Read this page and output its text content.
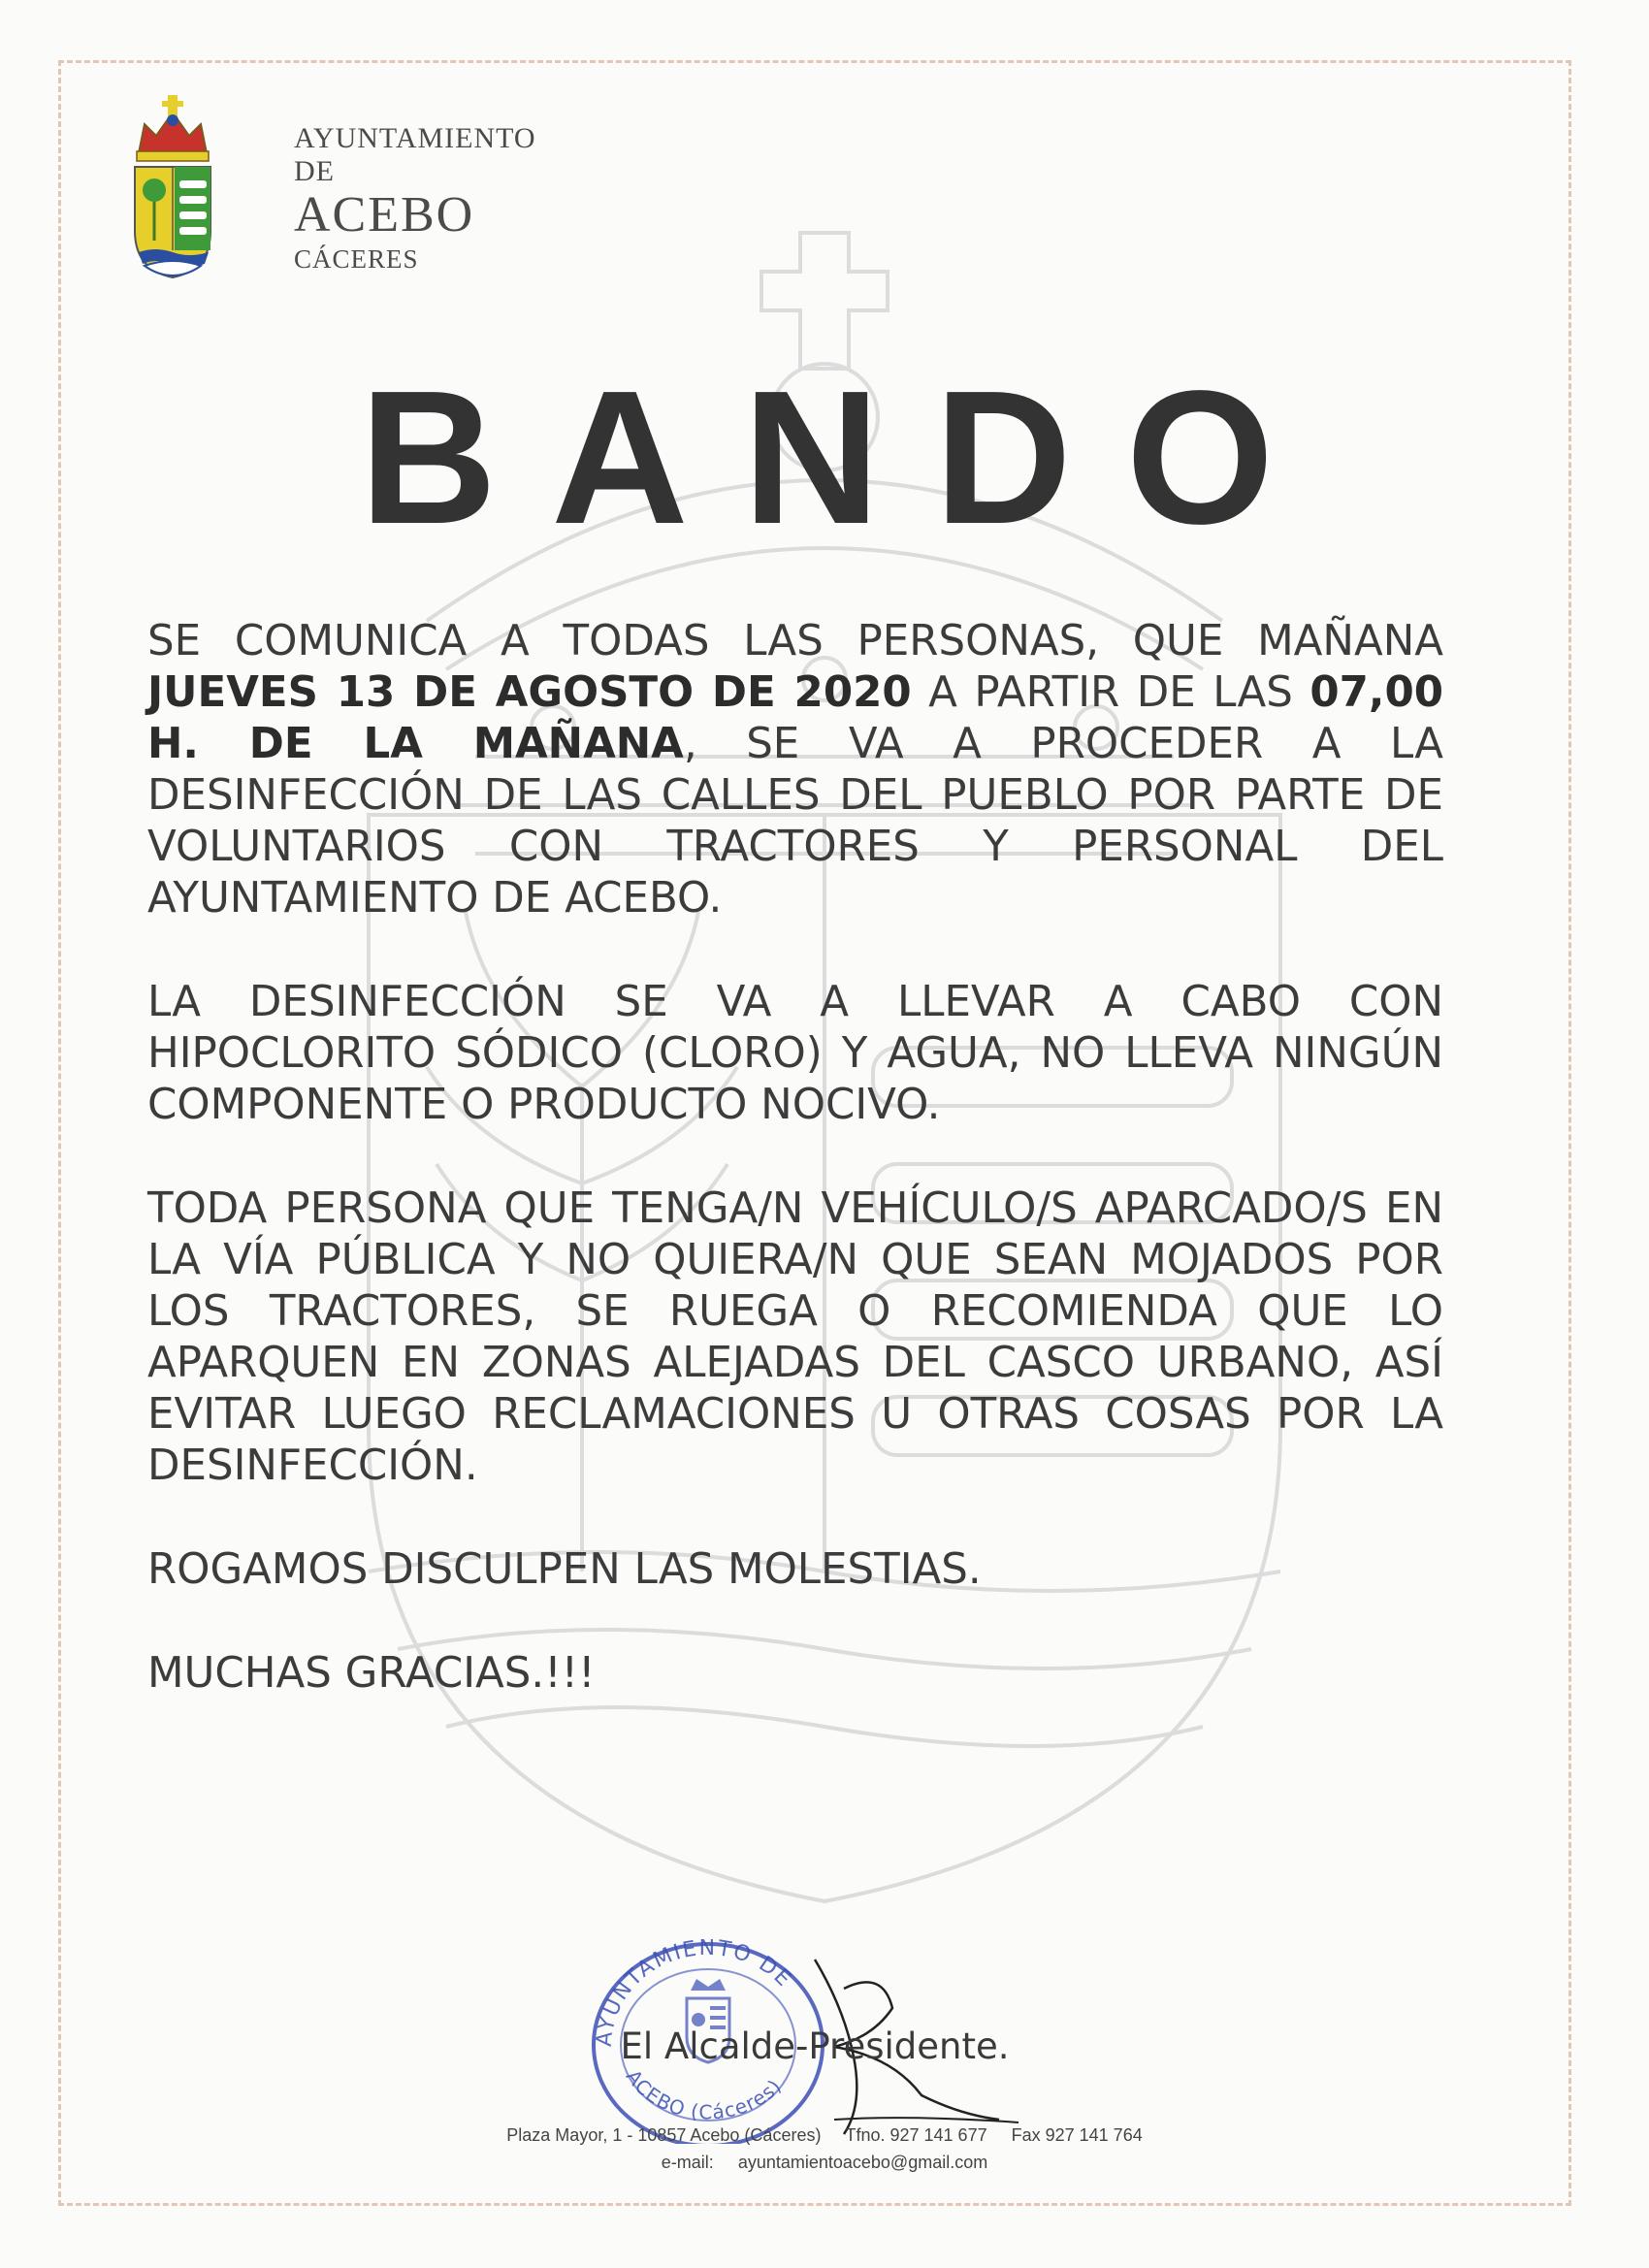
AYUNTAMIENTO DE
ACEBO
CÁCERES
BANDO

SE COMUNICA A TODAS LAS PERSONAS, QUE MAÑANA JUEVES 13 DE AGOSTO DE 2020 A PARTIR DE LAS 07,00 H. DE LA MAÑANA, SE VA A PROCEDER A LA DESINFECCIÓN DE LAS CALLES DEL PUEBLO POR PARTE DE VOLUNTARIOS CON TRACTORES Y PERSONAL DEL AYUNTAMIENTO DE ACEBO.

LA DESINFECCIÓN SE VA A LLEVAR A CABO CON HIPOCLORITO SÓDICO (CLORO) Y AGUA, NO LLEVA NINGÚN COMPONENTE O PRODUCTO NOCIVO.

TODA PERSONA QUE TENGA/N VEHÍCULO/S APARCADO/S EN LA VÍA PÚBLICA Y NO QUIERA/N QUE SEAN MOJADOS POR LOS TRACTORES, SE RUEGA O RECOMIENDA QUE LO APARQUEN EN ZONAS ALEJADAS DEL CASCO URBANO, ASÍ EVITAR LUEGO RECLAMACIONES U OTRAS COSAS POR LA DESINFECCIÓN.

ROGAMOS DISCULPEN LAS MOLESTIAS.

MUCHAS GRACIAS.!!!

AYUNTAMIENTO DE
ACEBO (Cáceres)
El Alcalde-Presidente.
Plaza Mayor, 1 - 10857 Acebo (Cáceres) Tfno. 927 141 677 Fax 927 141 764
e-mail: ayuntamientoacebo@gmail.com
